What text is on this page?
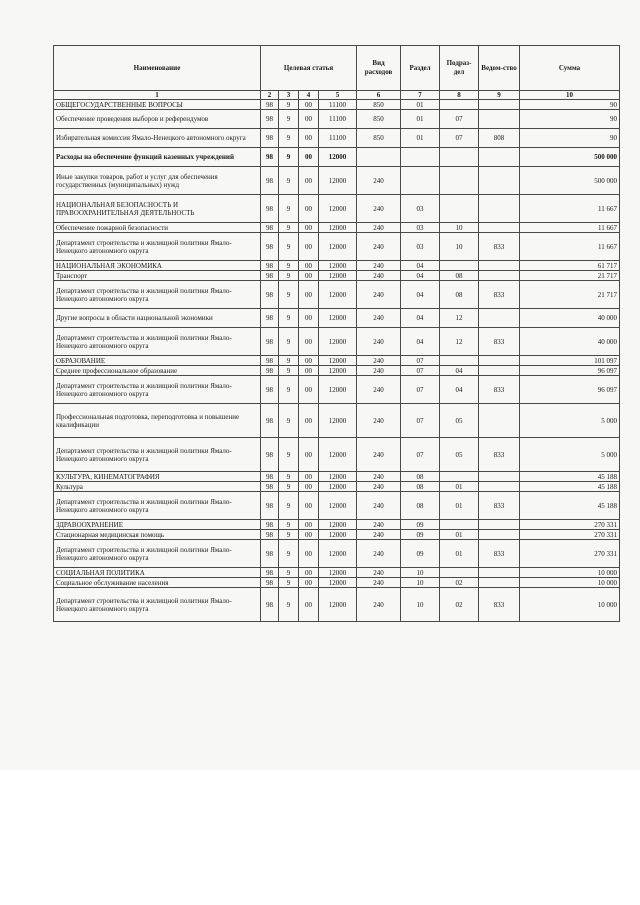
Наименование	Целевая статья				Вид расходов	Раздел	Подраз-дел	Ведом-ство	Сумма
1	2	3	4	5	6	7	8	9	10
ОБЩЕГОСУДАРСТВЕННЫЕ ВОПРОСЫ	98	9	00	11100	850	01			90
Обеспечение проведения выборов и референдумов	98	9	00	11100	850	01	07		90
Избирательная комиссия Ямало-Ненецкого автономного округа	98	9	00	11100	850	01	07	808	90
Расходы на обеспечение функций казенных учреждений	98	9	00	12000					500 000
Иные закупки товаров, работ и услуг для обеспечения государственных (муниципальных) нужд	98	9	00	12000	240				500 000
НАЦИОНАЛЬНАЯ БЕЗОПАСНОСТЬ И ПРАВООХРАНИТЕЛЬНАЯ ДЕЯТЕЛЬНОСТЬ	98	9	00	12000	240	03			11 667
Обеспечение пожарной безопасности	98	9	00	12000	240	03	10		11 667
Департамент строительства и жилищной политики Ямало-Ненецкого автономного округа	98	9	00	12000	240	03	10	833	11 667
НАЦИОНАЛЬНАЯ ЭКОНОМИКА	98	9	00	12000	240	04			61 717
Транспорт	98	9	00	12000	240	04	08		21 717
Департамент строительства и жилищной политики Ямало-Ненецкого автономного округа	98	9	00	12000	240	04	08	833	21 717
Другие вопросы в области национальной экономики	98	9	00	12000	240	04	12		40 000
Департамент строительства и жилищной политики Ямало-Ненецкого автономного округа	98	9	00	12000	240	04	12	833	40 000
ОБРАЗОВАНИЕ	98	9	00	12000	240	07			101 097
Среднее профессиональное образование	98	9	00	12000	240	07	04		96 097
Департамент строительства и жилищной политики Ямало-Ненецкого автономного округа	98	9	00	12000	240	07	04	833	96 097
Профессиональная подготовка, переподготовка и повышение квалификации	98	9	00	12000	240	07	05		5 000
Департамент строительства и жилищной политики Ямало-Ненецкого автономного округа	98	9	00	12000	240	07	05	833	5 000
КУЛЬТУРА, КИНЕМАТОГРАФИЯ	98	9	00	12000	240	08			45 188
Культура	98	9	00	12000	240	08	01		45 188
Департамент строительства и жилищной политики Ямало-Ненецкого автономного округа	98	9	00	12000	240	08	01	833	45 188
ЗДРАВООХРАНЕНИЕ	98	9	00	12000	240	09			270 331
Стационарная медицинская помощь	98	9	00	12000	240	09	01		270 331
Департамент строительства и жилищной политики Ямало-Ненецкого автономного округа	98	9	00	12000	240	09	01	833	270 331
СОЦИАЛЬНАЯ ПОЛИТИКА	98	9	00	12000	240	10			10 000
Социальное обслуживание населения	98	9	00	12000	240	10	02		10 000
Департамент строительства и жилищной политики Ямало-Ненецкого автономного округа	98	9	00	12000	240	10	02	833	10 000
